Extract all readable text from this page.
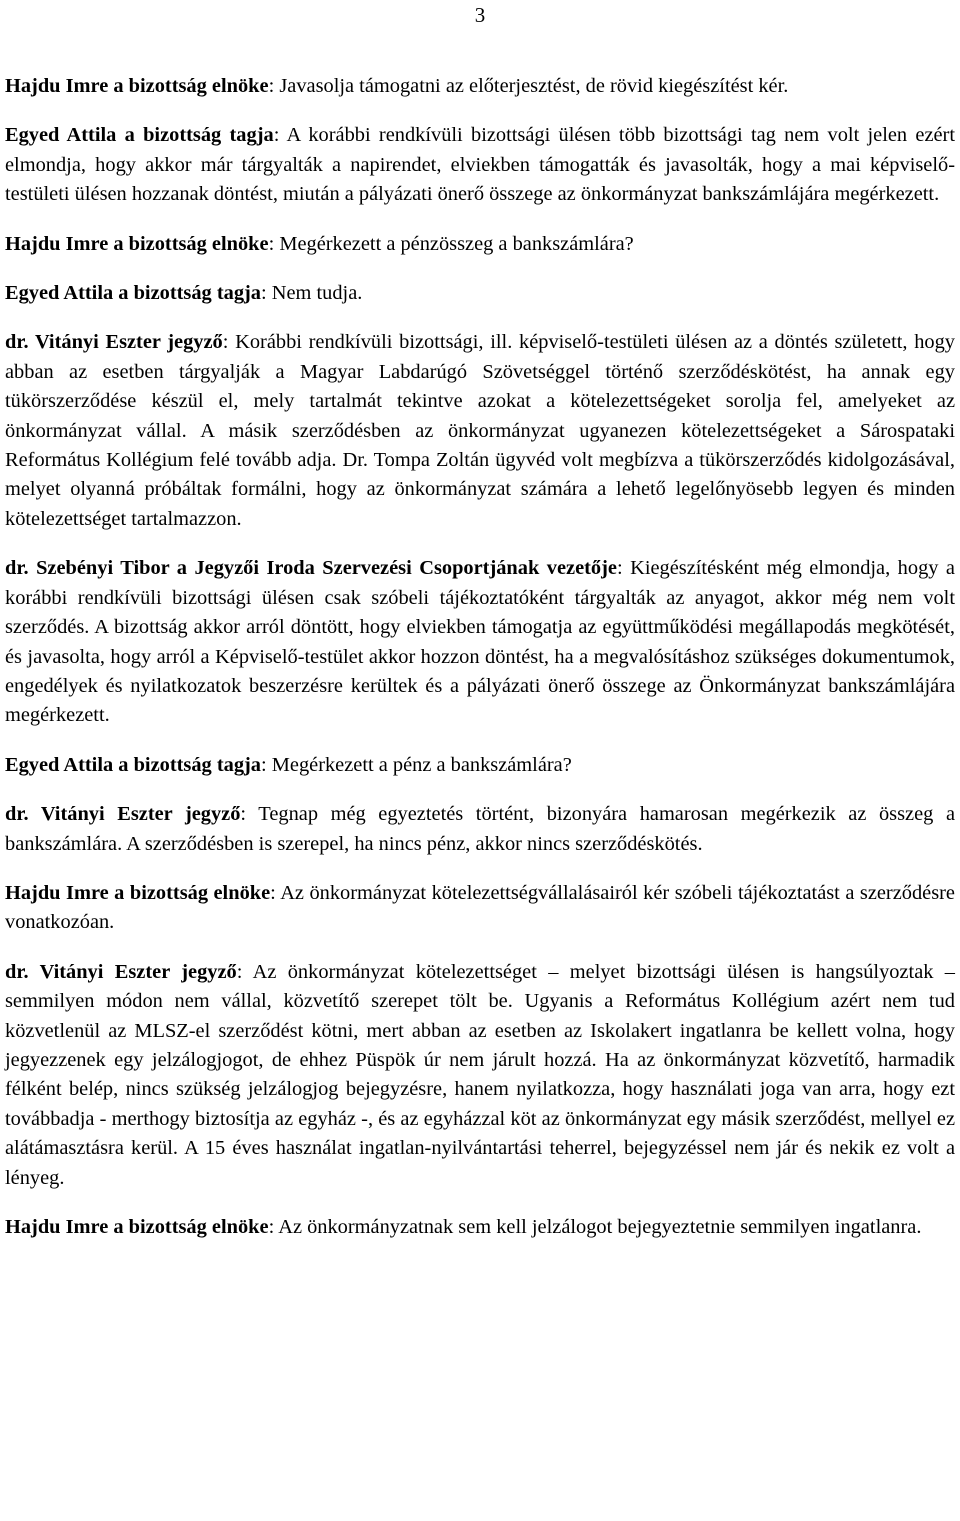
3

Hajdu Imre a bizottság elnöke: Javasolja támogatni az előterjesztést, de rövid kiegészítést kér.

Egyed Attila a bizottság tagja: A korábbi rendkívüli bizottsági ülésen több bizottsági tag nem volt jelen ezért elmondja, hogy akkor már tárgyalták a napirendet, elviekben támogatták és javasolták, hogy a mai képviselő-testületi ülésen hozzanak döntést, miután a pályázati önerő összege az önkormányzat bankszámlájára megérkezett.

Hajdu Imre a bizottság elnöke: Megérkezett a pénzösszeg a bankszámlára?

Egyed Attila a bizottság tagja: Nem tudja.

dr. Vitányi Eszter jegyző: Korábbi rendkívüli bizottsági, ill. képviselő-testületi ülésen az a döntés született, hogy abban az esetben tárgyalják a Magyar Labdarúgó Szövetséggel történő szerződéskötést, ha annak egy tükörszerződése készül el, mely tartalmát tekintve azokat a kötelezettségeket sorolja fel, amelyeket az önkormányzat vállal. A másik szerződésben az önkormányzat ugyanezen kötelezettségeket a Sárospataki Református Kollégium felé tovább adja. Dr. Tompa Zoltán ügyvéd volt megbízva a tükörszerződés kidolgozásával, melyet olyanná próbáltak formálni, hogy az önkormányzat számára a lehető legelőnyösebb legyen és minden kötelezettséget tartalmazzon.

dr. Szebényi Tibor a Jegyzői Iroda Szervezési Csoportjának vezetője: Kiegészítésként még elmondja, hogy a korábbi rendkívüli bizottsági ülésen csak szóbeli tájékoztatóként tárgyalták az anyagot, akkor még nem volt szerződés. A bizottság akkor arról döntött, hogy elviekben támogatja az együttműködési megállapodás megkötését, és javasolta, hogy arról a Képviselő-testület akkor hozzon döntést, ha a megvalósításhoz szükséges dokumentumok, engedélyek és nyilatkozatok beszerzésre kerültek és a pályázati önerő összege az Önkormányzat bankszámlájára megérkezett.

Egyed Attila a bizottság tagja: Megérkezett a pénz a bankszámlára?

dr. Vitányi Eszter jegyző: Tegnap még egyeztetés történt, bizonyára hamarosan megérkezik az összeg a bankszámlára. A szerződésben is szerepel, ha nincs pénz, akkor nincs szerződéskötés.

Hajdu Imre a bizottság elnöke: Az önkormányzat kötelezettségvállalásairól kér szóbeli tájékoztatást a szerződésre vonatkozóan.

dr. Vitányi Eszter jegyző: Az önkormányzat kötelezettséget – melyet bizottsági ülésen is hangsúlyoztak – semmilyen módon nem vállal, közvetítő szerepet tölt be. Ugyanis a Református Kollégium azért nem tud közvetlenül az MLSZ-el szerződést kötni, mert abban az esetben az Iskolakert ingatlanra be kellett volna, hogy jegyezzenek egy jelzálogjogot, de ehhez Püspök úr nem járult hozzá. Ha az önkormányzat közvetítő, harmadik félként belép, nincs szükség jelzálogjog bejegyzésre, hanem nyilatkozza, hogy használati joga van arra, hogy ezt továbbadja - merthogy biztosítja az egyház -, és az egyházzal köt az önkormányzat egy másik szerződést, mellyel ez alátámasztásra kerül. A 15 éves használat ingatlan-nyilvántartási teherrel, bejegyzéssel nem jár és nekik ez volt a lényeg.

Hajdu Imre a bizottság elnöke: Az önkormányzatnak sem kell jelzálogot bejegyeztetnie semmilyen ingatlanra.
